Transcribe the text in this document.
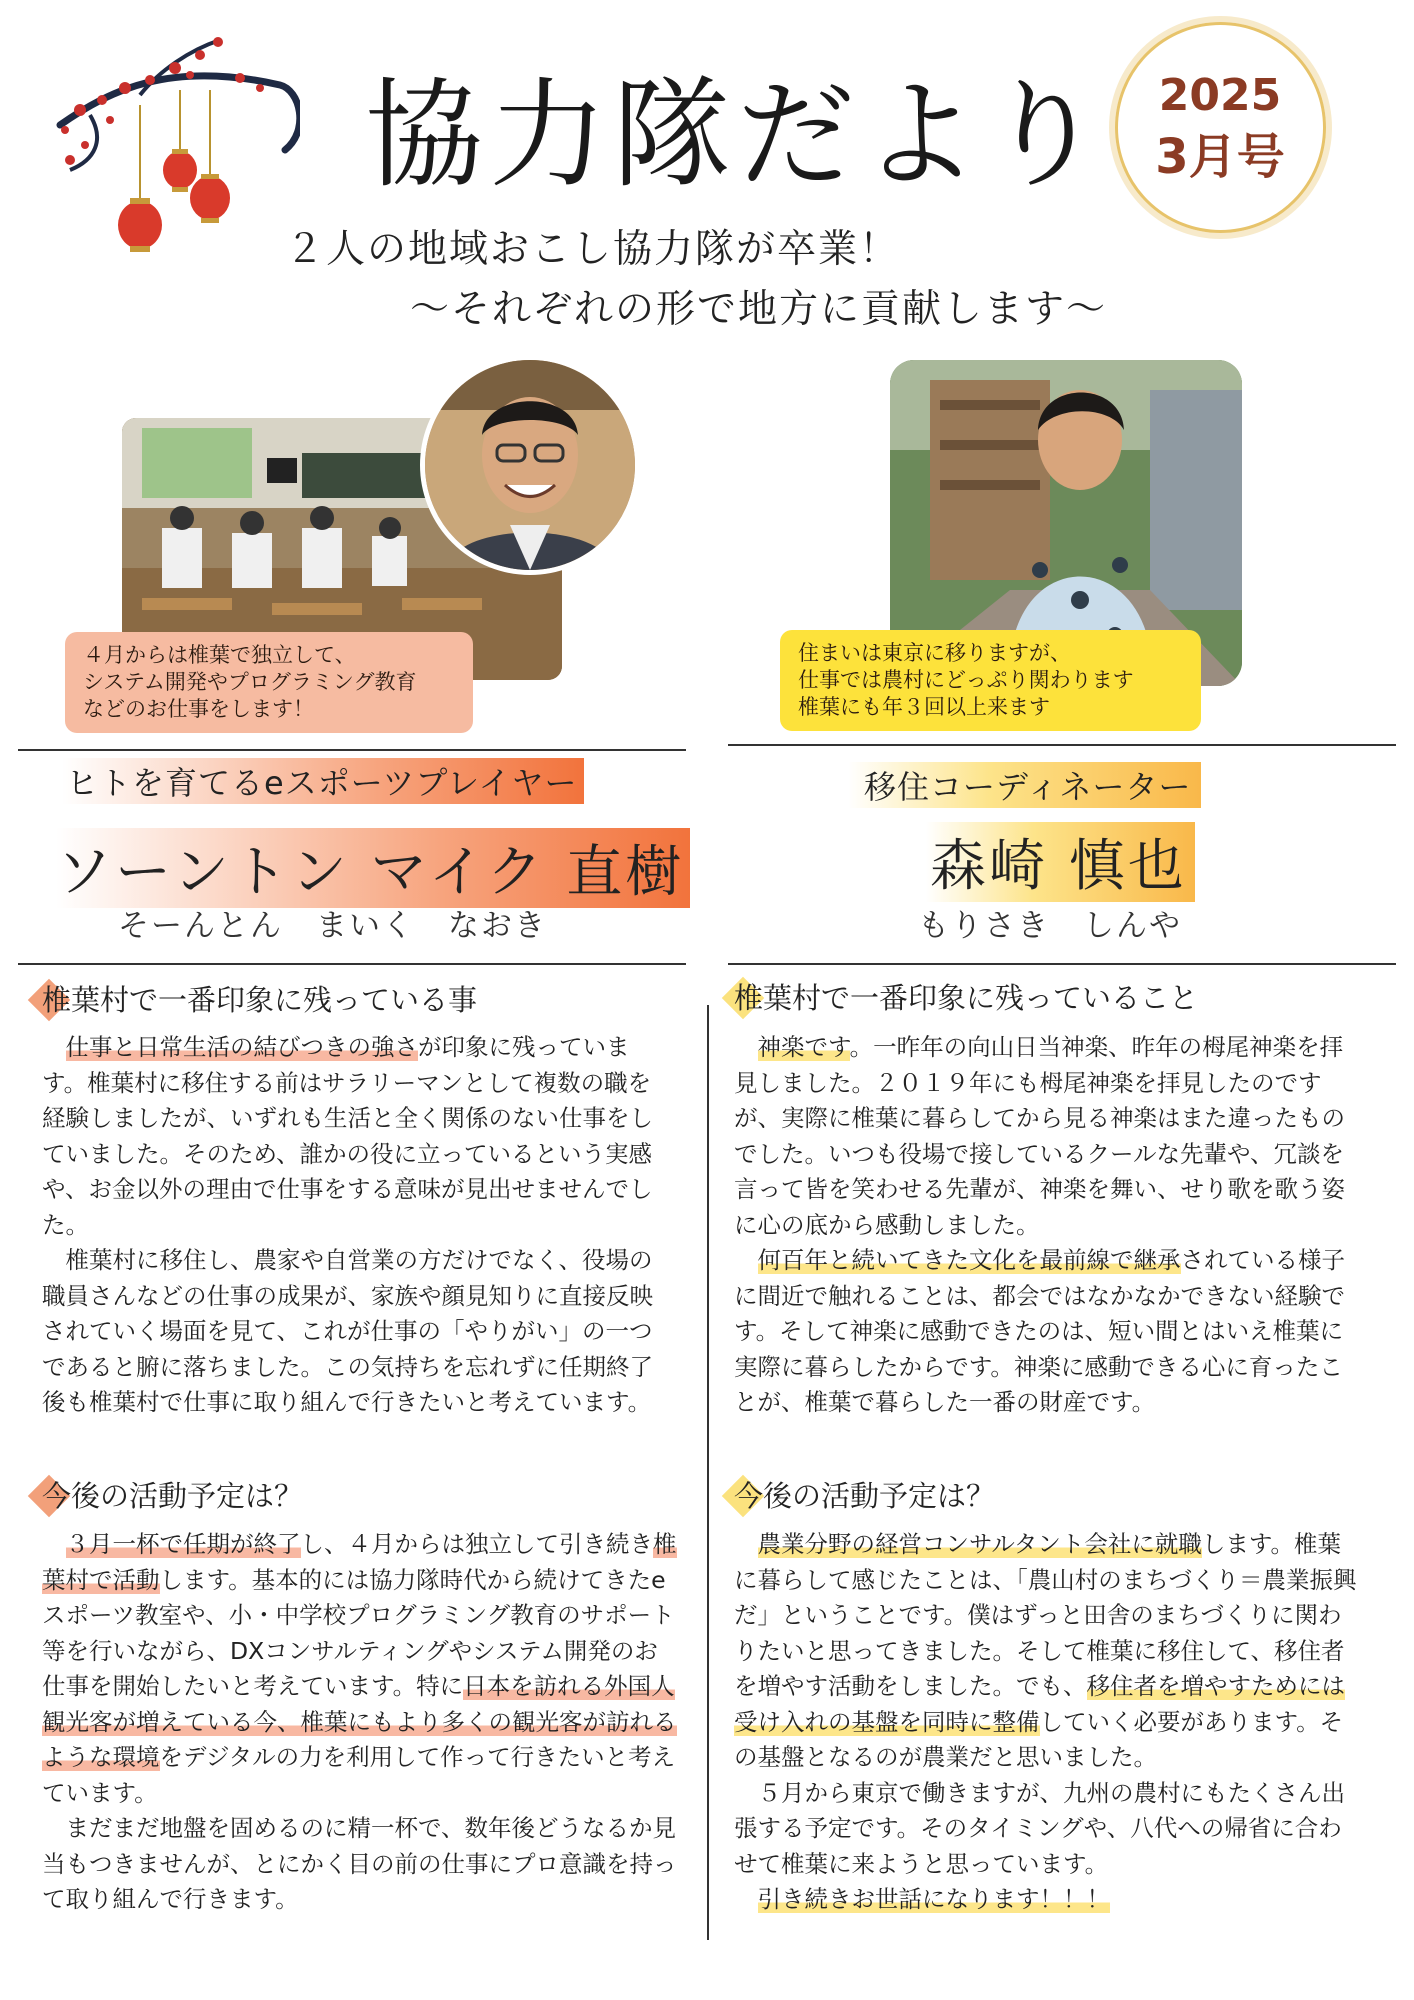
協力隊だより	2025
3月号
２人の地域おこし協力隊が卒業！
〜それぞれの形で地方に貢献します〜
４月からは椎葉で独立して、
システム開発やプログラミング教育
などのお仕事をします！
住まいは東京に移りますが、
仕事では農村にどっぷり関わります
椎葉にも年３回以上来ます
ヒトを育てるeスポーツプレイヤー
ソーントン マイク 直樹
そーんとん　まいく　なおき
移住コーディネーター
森崎 慎也
もりさき　しんや
椎葉村で一番印象に残っている事

仕事と日常生活の結びつきの強さが印象に残っています。椎葉村に移住する前はサラリーマンとして複数の職を経験しましたが、いずれも生活と全く関係のない仕事をしていました。そのため、誰かの役に立っているという実感や、お金以外の理由で仕事をする意味が見出せませんでした。

椎葉村に移住し、農家や自営業の方だけでなく、役場の職員さんなどの仕事の成果が、家族や顔見知りに直接反映されていく場面を見て、これが仕事の「やりがい」の一つであると腑に落ちました。この気持ちを忘れずに任期終了後も椎葉村で仕事に取り組んで行きたいと考えています。

今後の活動予定は？

３月一杯で任期が終了し、４月からは独立して引き続き椎葉村で活動します。基本的には協力隊時代から続けてきたeスポーツ教室や、小・中学校プログラミング教育のサポート等を行いながら、DXコンサルティングやシステム開発のお仕事を開始したいと考えています。特に日本を訪れる外国人観光客が増えている今、椎葉にもより多くの観光客が訪れるような環境をデジタルの力を利用して作って行きたいと考えています。

まだまだ地盤を固めるのに精一杯で、数年後どうなるか見当もつきませんが、とにかく目の前の仕事にプロ意識を持って取り組んで行きます。

椎葉村で一番印象に残っていること

神楽です。一昨年の向山日当神楽、昨年の栂尾神楽を拝見しました。２０１９年にも栂尾神楽を拝見したのですが、実際に椎葉に暮らしてから見る神楽はまた違ったものでした。いつも役場で接しているクールな先輩や、冗談を言って皆を笑わせる先輩が、神楽を舞い、せり歌を歌う姿に心の底から感動しました。

何百年と続いてきた文化を最前線で継承されている様子に間近で触れることは、都会ではなかなかできない経験です。そして神楽に感動できたのは、短い間とはいえ椎葉に実際に暮らしたからです。神楽に感動できる心に育ったことが、椎葉で暮らした一番の財産です。

今後の活動予定は？

農業分野の経営コンサルタント会社に就職します。椎葉に暮らして感じたことは、「農山村のまちづくり＝農業振興だ」ということです。僕はずっと田舎のまちづくりに関わりたいと思ってきました。そして椎葉に移住して、移住者を増やす活動をしました。でも、移住者を増やすためには受け入れの基盤を同時に整備していく必要があります。その基盤となるのが農業だと思いました。

５月から東京で働きますが、九州の農村にもたくさん出張する予定です。そのタイミングや、八代への帰省に合わせて椎葉に来ようと思っています。

引き続きお世話になります！！！
